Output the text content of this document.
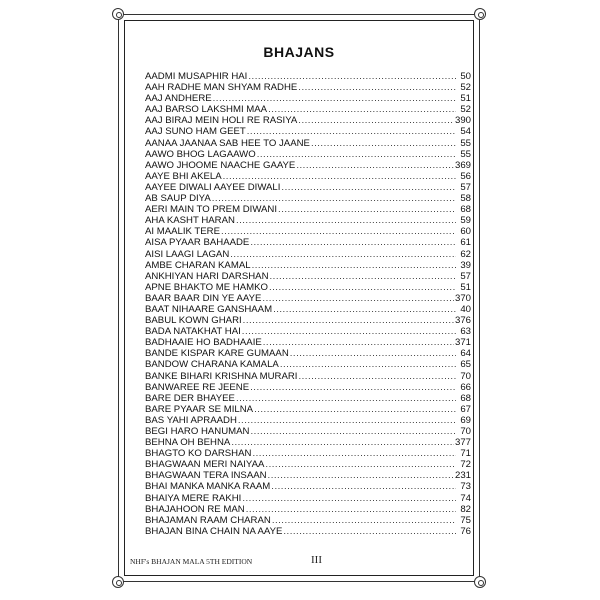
BHAJANS
AADMI MUSAPHIR HAI .....	50
AAH RADHE MAN SHYAM RADHE .....	52
AAJ ANDHERE .....	51
AAJ BARSO LAKSHMI MAA .....	52
AAJ BIRAJ MEIN HOLI RE RASIYA .....	390
AAJ SUNO HAM GEET .....	54
AANAA JAANAA SAB HEE TO JAANE .....	55
AAWO BHOG LAGAAWO .....	55
AAWO JHOOME NAACHE GAAYE .....	369
AAYE BHI AKELA .....	56
AAYEE DIWALI AAYEE DIWALI .....	57
AB SAUP DIYA .....	58
AERI MAIN TO PREM DIWANI .....	68
AHA KASHT HARAN .....	59
AI MAALIK TERE .....	60
AISA PYAAR BAHAADE .....	61
AISI LAAGI LAGAN .....	62
AMBE CHARAN KAMAL .....	39
ANKHIYAN HARI DARSHAN .....	57
APNE BHAKTO ME HAMKO .....	51
BAAR BAAR DIN YE AAYE .....	370
BAAT NIHAARE GANSHAAM .....	40
BABUL KOWN GHARI .....	376
BADA NATAKHAT HAI .....	63
BADHAAIE HO BADHAAIE .....	371
BANDE KISPAR KARE GUMAAN .....	64
BANDOW CHARANA KAMALA .....	65
BANKE BIHARI KRISHNA MURARI .....	70
BANWAREE RE JEENE .....	66
BARE DER BHAYEE .....	68
BARE PYAAR SE MILNA .....	67
BAS YAHI APRAADH .....	69
BEGI HARO HANUMAN .....	70
BEHNA OH BEHNA .....	377
BHAGTO KO DARSHAN .....	71
BHAGWAAN MERI NAIYAA .....	72
BHAGWAAN TERA INSAAN .....	231
BHAI MANKA MANKA RAAM .....	73
BHAIYA MERE RAKHI .....	74
BHAJAHOON RE MAN .....	82
BHAJAMAN RAAM CHARAN .....	75
BHAJAN BINA CHAIN NA AAYE .....	76
NHF's BHAJAN MALA 5TH EDITION	III
